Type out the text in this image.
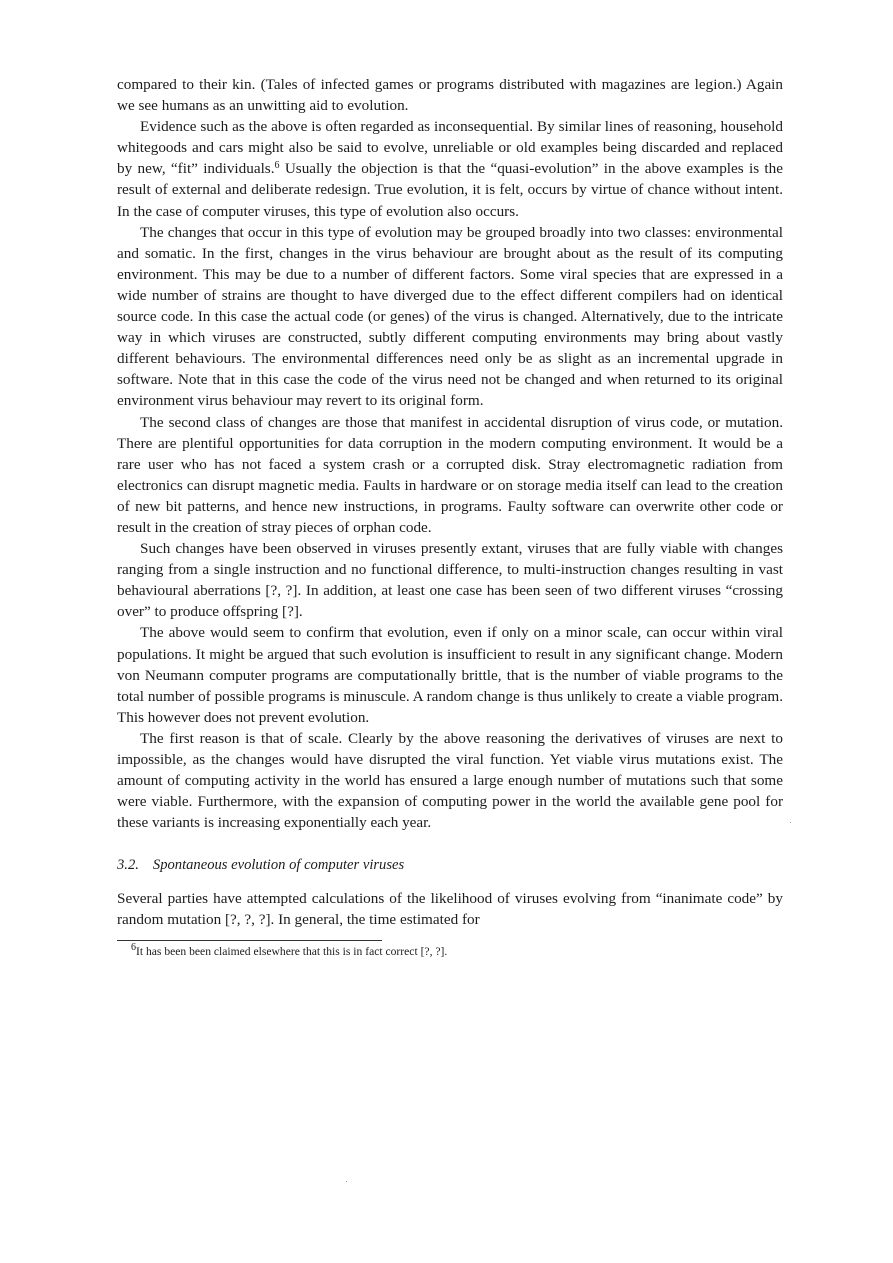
compared to their kin. (Tales of infected games or programs distributed with magazines are legion.) Again we see humans as an unwitting aid to evolution.

Evidence such as the above is often regarded as inconsequential. By similar lines of reasoning, household whitegoods and cars might also be said to evolve, unreliable or old examples being discarded and replaced by new, “fit” individuals.$^6$ Usually the objection is that the “quasi-evolution” in the above examples is the result of external and deliberate redesign. True evolution, it is felt, occurs by virtue of chance without intent. In the case of computer viruses, this type of evolution also occurs.

The changes that occur in this type of evolution may be grouped broadly into two classes: environmental and somatic. In the first, changes in the virus behaviour are brought about as the result of its computing environment. This may be due to a number of different factors. Some viral species that are expressed in a wide number of strains are thought to have diverged due to the effect different compilers had on identical source code. In this case the actual code (or genes) of the virus is changed. Alternatively, due to the intricate way in which viruses are constructed, subtly different computing environments may bring about vastly different behaviours. The environmental differences need only be as slight as an incremental upgrade in software. Note that in this case the code of the virus need not be changed and when returned to its original environment virus behaviour may revert to its original form.

The second class of changes are those that manifest in accidental disruption of virus code, or mutation. There are plentiful opportunities for data corruption in the modern computing environment. It would be a rare user who has not faced a system crash or a corrupted disk. Stray electromagnetic radiation from electronics can disrupt magnetic media. Faults in hardware or on storage media itself can lead to the creation of new bit patterns, and hence new instructions, in programs. Faulty software can overwrite other code or result in the creation of stray pieces of orphan code.

Such changes have been observed in viruses presently extant, viruses that are fully viable with changes ranging from a single instruction and no functional difference, to multi-instruction changes resulting in vast behavioural aberrations [?, ?]. In addition, at least one case has been seen of two different viruses “crossing over” to produce offspring [?].

The above would seem to confirm that evolution, even if only on a minor scale, can occur within viral populations. It might be argued that such evolution is insufficient to result in any significant change. Modern von Neumann computer programs are computationally brittle, that is the number of viable programs to the total number of possible programs is minuscule. A random change is thus unlikely to create a viable program. This however does not prevent evolution.

The first reason is that of scale. Clearly by the above reasoning the derivatives of viruses are next to impossible, as the changes would have disrupted the viral function. Yet viable virus mutations exist. The amount of computing activity in the world has ensured a large enough number of mutations such that some were viable. Furthermore, with the expansion of computing power in the world the available gene pool for these variants is increasing exponentially each year.

3.2. Spontaneous evolution of computer viruses

Several parties have attempted calculations of the likelihood of viruses evolving from “inanimate code” by random mutation [?, ?, ?]. In general, the time estimated for

$^6$It has been been claimed elsewhere that this is in fact correct [?, ?].
